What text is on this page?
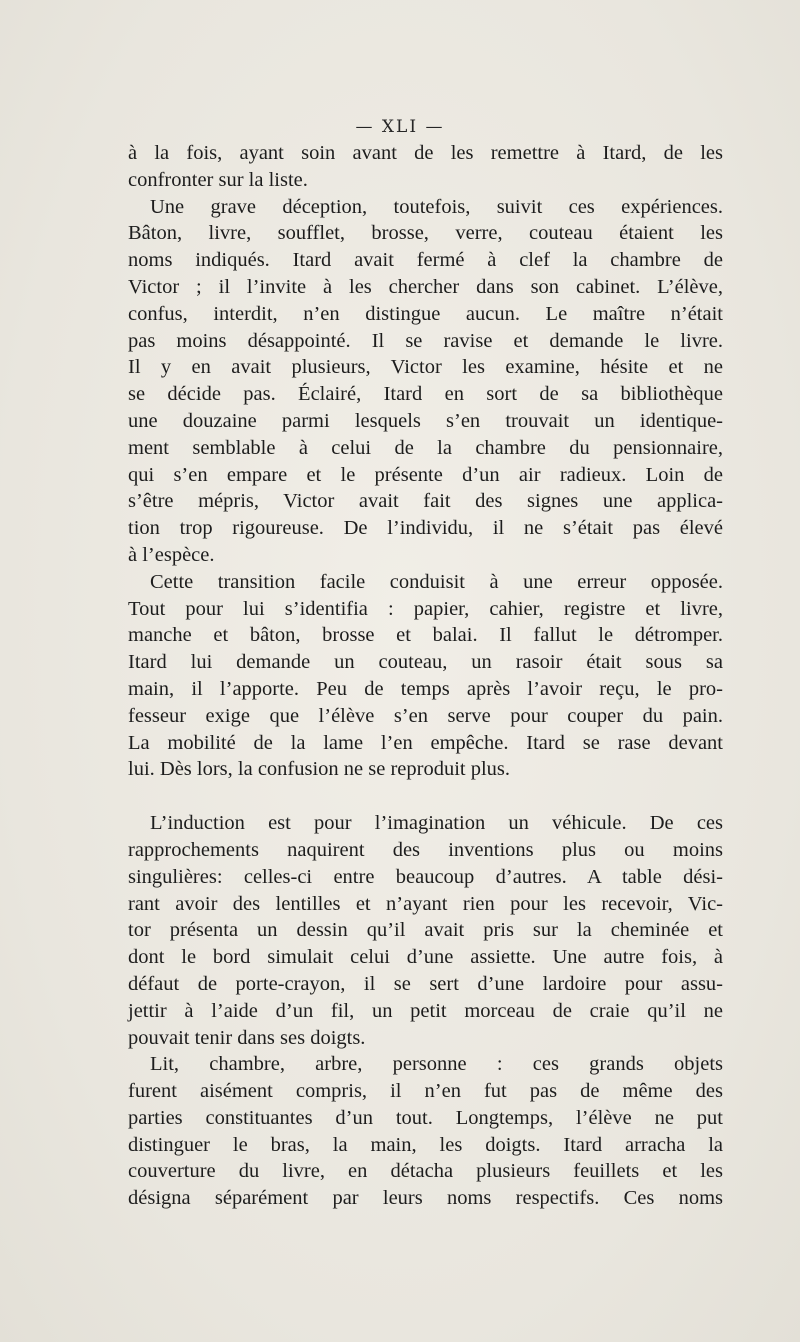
— XLI —
à la fois, ayant soin avant de les remettre à Itard, de les
confronter sur la liste.
Une grave déception, toutefois, suivit ces expériences.
Bâton, livre, soufflet, brosse, verre, couteau étaient les
noms indiqués. Itard avait fermé à clef la chambre de
Victor ; il l’invite à les chercher dans son cabinet. L’élève,
confus, interdit, n’en distingue aucun. Le maître n’était
pas moins désappointé. Il se ravise et demande le livre.
Il y en avait plusieurs, Victor les examine, hésite et ne
se décide pas. Éclairé, Itard en sort de sa bibliothèque
une douzaine parmi lesquels s’en trouvait un identique-
ment semblable à celui de la chambre du pensionnaire,
qui s’en empare et le présente d’un air radieux. Loin de
s’être mépris, Victor avait fait des signes une applica-
tion trop rigoureuse. De l’individu, il ne s’était pas élevé
à l’espèce.
Cette transition facile conduisit à une erreur opposée.
Tout pour lui s’identifia : papier, cahier, registre et livre,
manche et bâton, brosse et balai. Il fallut le détromper.
Itard lui demande un couteau, un rasoir était sous sa
main, il l’apporte. Peu de temps après l’avoir reçu, le pro-
fesseur exige que l’élève s’en serve pour couper du pain.
La mobilité de la lame l’en empêche. Itard se rase devant
lui. Dès lors, la confusion ne se reproduit plus.
L’induction est pour l’imagination un véhicule. De ces
rapprochements naquirent des inventions plus ou moins
singulières: celles-ci entre beaucoup d’autres. A table dési-
rant avoir des lentilles et n’ayant rien pour les recevoir, Vic-
tor présenta un dessin qu’il avait pris sur la cheminée et
dont le bord simulait celui d’une assiette. Une autre fois, à
défaut de porte-crayon, il se sert d’une lardoire pour assu-
jettir à l’aide d’un fil, un petit morceau de craie qu’il ne
pouvait tenir dans ses doigts.
Lit, chambre, arbre, personne : ces grands objets
furent aisément compris, il n’en fut pas de même des
parties constituantes d’un tout. Longtemps, l’élève ne put
distinguer le bras, la main, les doigts. Itard arracha la
couverture du livre, en détacha plusieurs feuillets et les
désigna séparément par leurs noms respectifs. Ces noms
